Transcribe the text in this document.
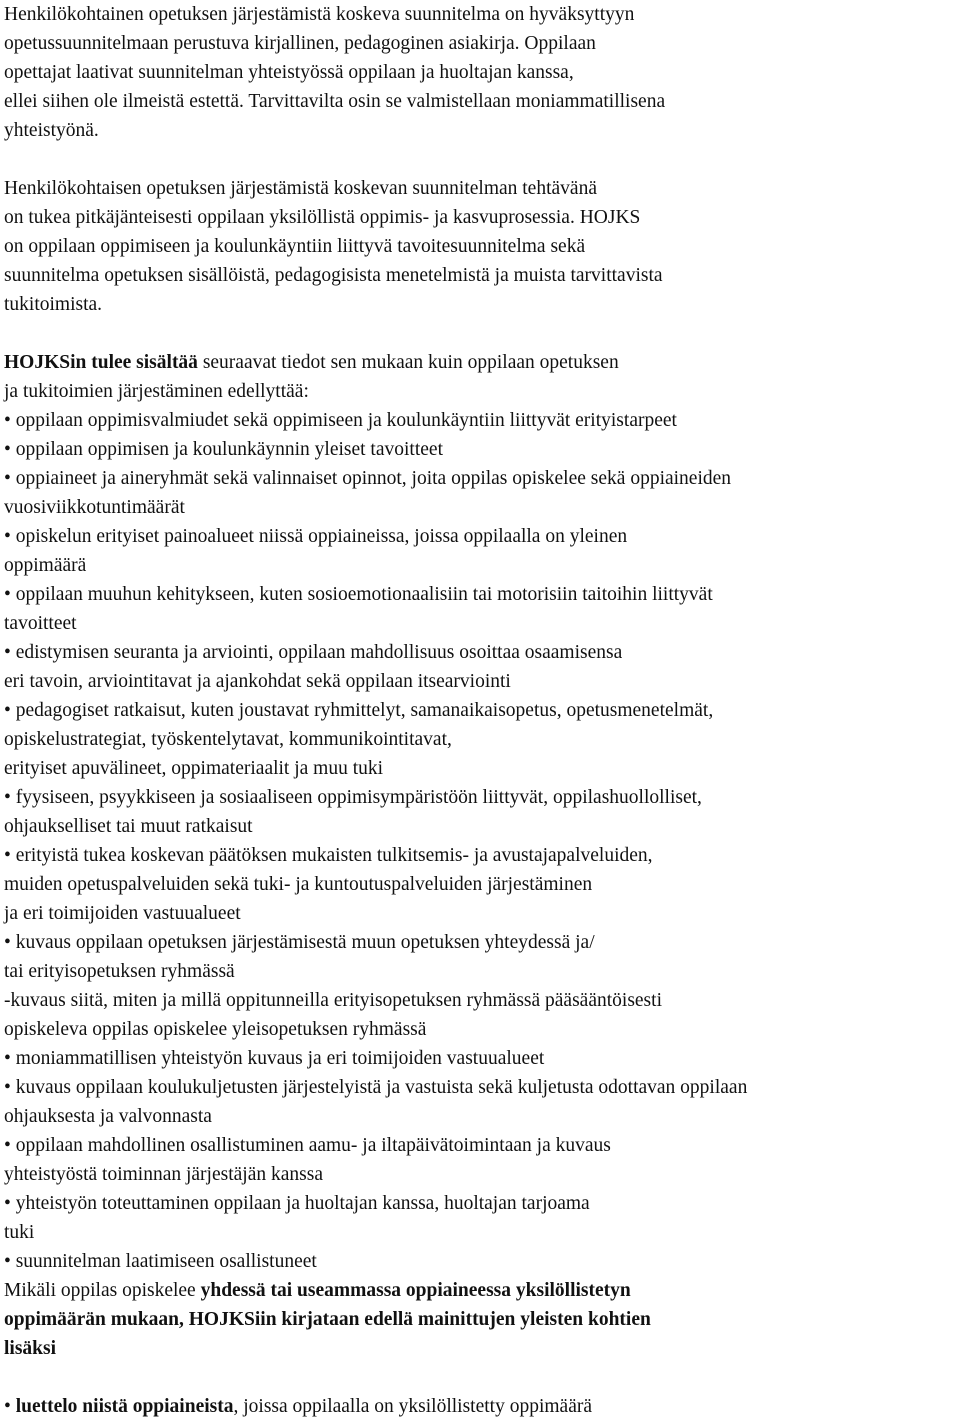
Henkilökohtainen opetuksen järjestämistä koskeva suunnitelma on hyväksyttyyn
opetussuunnitelmaan perustuva kirjallinen, pedagoginen asiakirja. Oppilaan
opettajat laativat suunnitelman yhteistyössä oppilaan ja huoltajan kanssa,
ellei siihen ole ilmeistä estettä. Tarvittavilta osin se valmistellaan moniammatillisena
yhteistyönä.
Henkilökohtaisen opetuksen järjestämistä koskevan suunnitelman tehtävänä
on tukea pitkäjänteisesti oppilaan yksilöllistä oppimis- ja kasvuprosessia. HOJKS
on oppilaan oppimiseen ja koulunkäyntiin liittyvä tavoitesuunnitelma sekä
suunnitelma opetuksen sisällöistä, pedagogisista menetelmistä ja muista tarvittavista
tukitoimista.
HOJKSin tulee sisältää seuraavat tiedot sen mukaan kuin oppilaan opetuksen
ja tukitoimien järjestäminen edellyttää:
• oppilaan oppimisvalmiudet sekä oppimiseen ja koulunkäyntiin liittyvät erityistarpeet
• oppilaan oppimisen ja koulunkäynnin yleiset tavoitteet
• oppiaineet ja aineryhmät sekä valinnaiset opinnot, joita oppilas opiskelee sekä oppiaineiden
vuosiviikkotuntimäärät
• opiskelun erityiset painoalueet niissä oppiaineissa, joissa oppilaalla on yleinen
oppimäärä
• oppilaan muuhun kehitykseen, kuten sosioemotionaalisiin tai motorisiin taitoihin liittyvät
tavoitteet
• edistymisen seuranta ja arviointi, oppilaan mahdollisuus osoittaa osaamisensa
eri tavoin, arviointitavat ja ajankohdat sekä oppilaan itsearviointi
• pedagogiset ratkaisut, kuten joustavat ryhmittelyt, samanaikaisopetus, opetusmenetelmät,
opiskelustrategiat, työskentelytavat, kommunikointitavat,
erityiset apuvälineet, oppimateriaalit ja muu tuki
• fyysiseen, psyykkiseen ja sosiaaliseen oppimisympäristöön liittyvät, oppilashuollolliset,
ohjaukselliset tai muut ratkaisut
• erityistä tukea koskevan päätöksen mukaisten tulkitsemis- ja avustajapalveluiden,
muiden opetuspalveluiden sekä tuki- ja kuntoutuspalveluiden järjestäminen
ja eri toimijoiden vastuualueet
• kuvaus oppilaan opetuksen järjestämisestä muun opetuksen yhteydessä ja/
tai erityisopetuksen ryhmässä
-kuvaus siitä, miten ja millä oppitunneilla erityisopetuksen ryhmässä pääsääntöisesti
opiskeleva oppilas opiskelee yleisopetuksen ryhmässä
• moniammatillisen yhteistyön kuvaus ja eri toimijoiden vastuualueet
• kuvaus oppilaan koulukuljetusten järjestelyistä ja vastuista sekä kuljetusta odottavan oppilaan
ohjauksesta ja valvonnasta
• oppilaan mahdollinen osallistuminen aamu- ja iltapäivätoimintaan ja kuvaus
yhteistyöstä toiminnan järjestäjän kanssa
• yhteistyön toteuttaminen oppilaan ja huoltajan kanssa, huoltajan tarjoama
tuki
• suunnitelman laatimiseen osallistuneet
Mikäli oppilas opiskelee yhdessä tai useammassa oppiaineessa yksilöllistetyn
oppimäärän mukaan, HOJKSiin kirjataan edellä mainittujen yleisten kohtien
lisäksi
• luettelo niistä oppiaineista, joissa oppilaalla on yksilöllistetty oppimäärä
